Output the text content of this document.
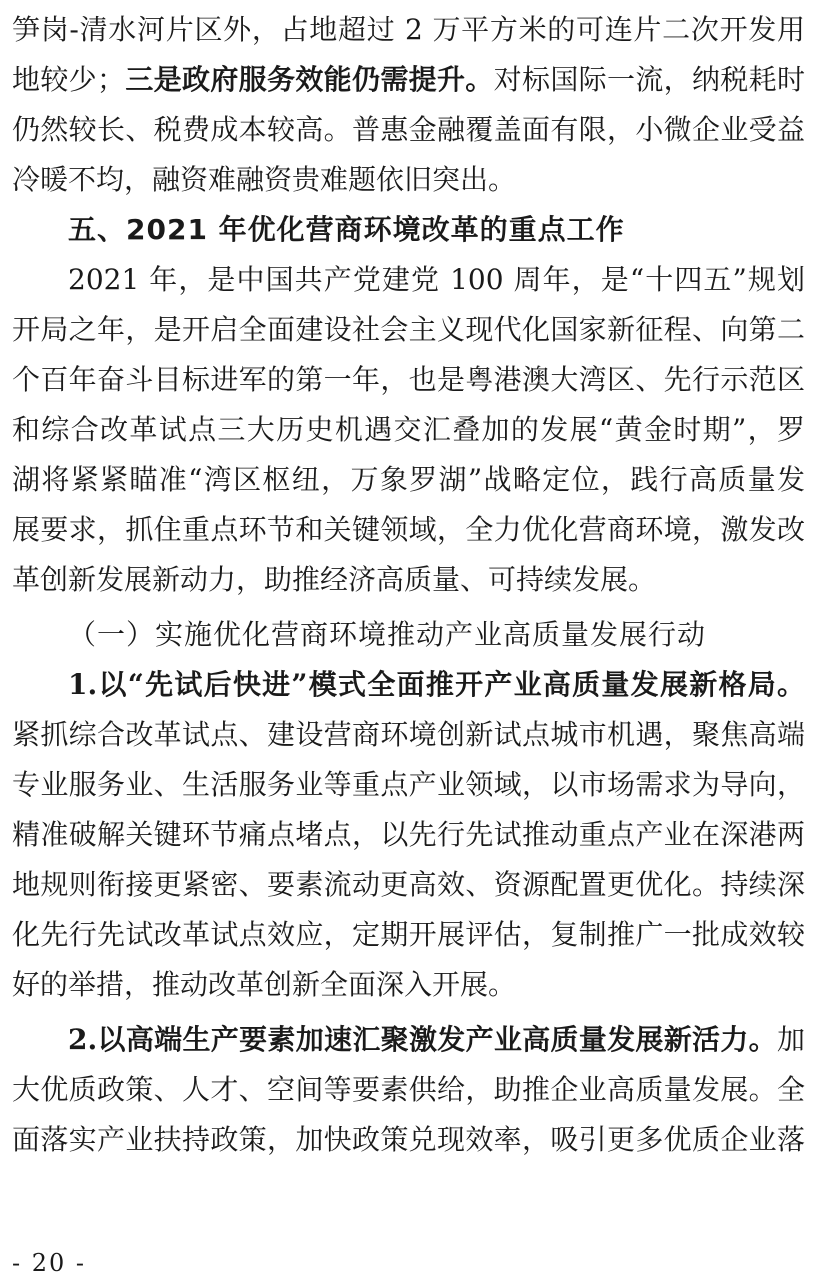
笋岗-清水河片区外，占地超过 2 万平方米的可连片二次开发用
地较少；三是政府服务效能仍需提升。对标国际一流，纳税耗时
仍然较长、税费成本较高。普惠金融覆盖面有限，小微企业受益
冷暖不均，融资难融资贵难题依旧突出。
五、2021 年优化营商环境改革的重点工作
2021 年，是中国共产党建党 100 周年，是“十四五”规划
开局之年，是开启全面建设社会主义现代化国家新征程、向第二
个百年奋斗目标进军的第一年，也是粤港澳大湾区、先行示范区
和综合改革试点三大历史机遇交汇叠加的发展“黄金时期”，罗
湖将紧紧瞄准“湾区枢纽，万象罗湖”战略定位，践行高质量发
展要求，抓住重点环节和关键领域，全力优化营商环境，激发改
革创新发展新动力，助推经济高质量、可持续发展。
（一）实施优化营商环境推动产业高质量发展行动
1.以“先试后快进”模式全面推开产业高质量发展新格局。
紧抓综合改革试点、建设营商环境创新试点城市机遇，聚焦高端
专业服务业、生活服务业等重点产业领域，以市场需求为导向，
精准破解关键环节痛点堵点，以先行先试推动重点产业在深港两
地规则衔接更紧密、要素流动更高效、资源配置更优化。持续深
化先行先试改革试点效应，定期开展评估，复制推广一批成效较
好的举措，推动改革创新全面深入开展。
2.以高端生产要素加速汇聚激发产业高质量发展新活力。加
大优质政策、人才、空间等要素供给，助推企业高质量发展。全
面落实产业扶持政策，加快政策兑现效率，吸引更多优质企业落
- 20 -
